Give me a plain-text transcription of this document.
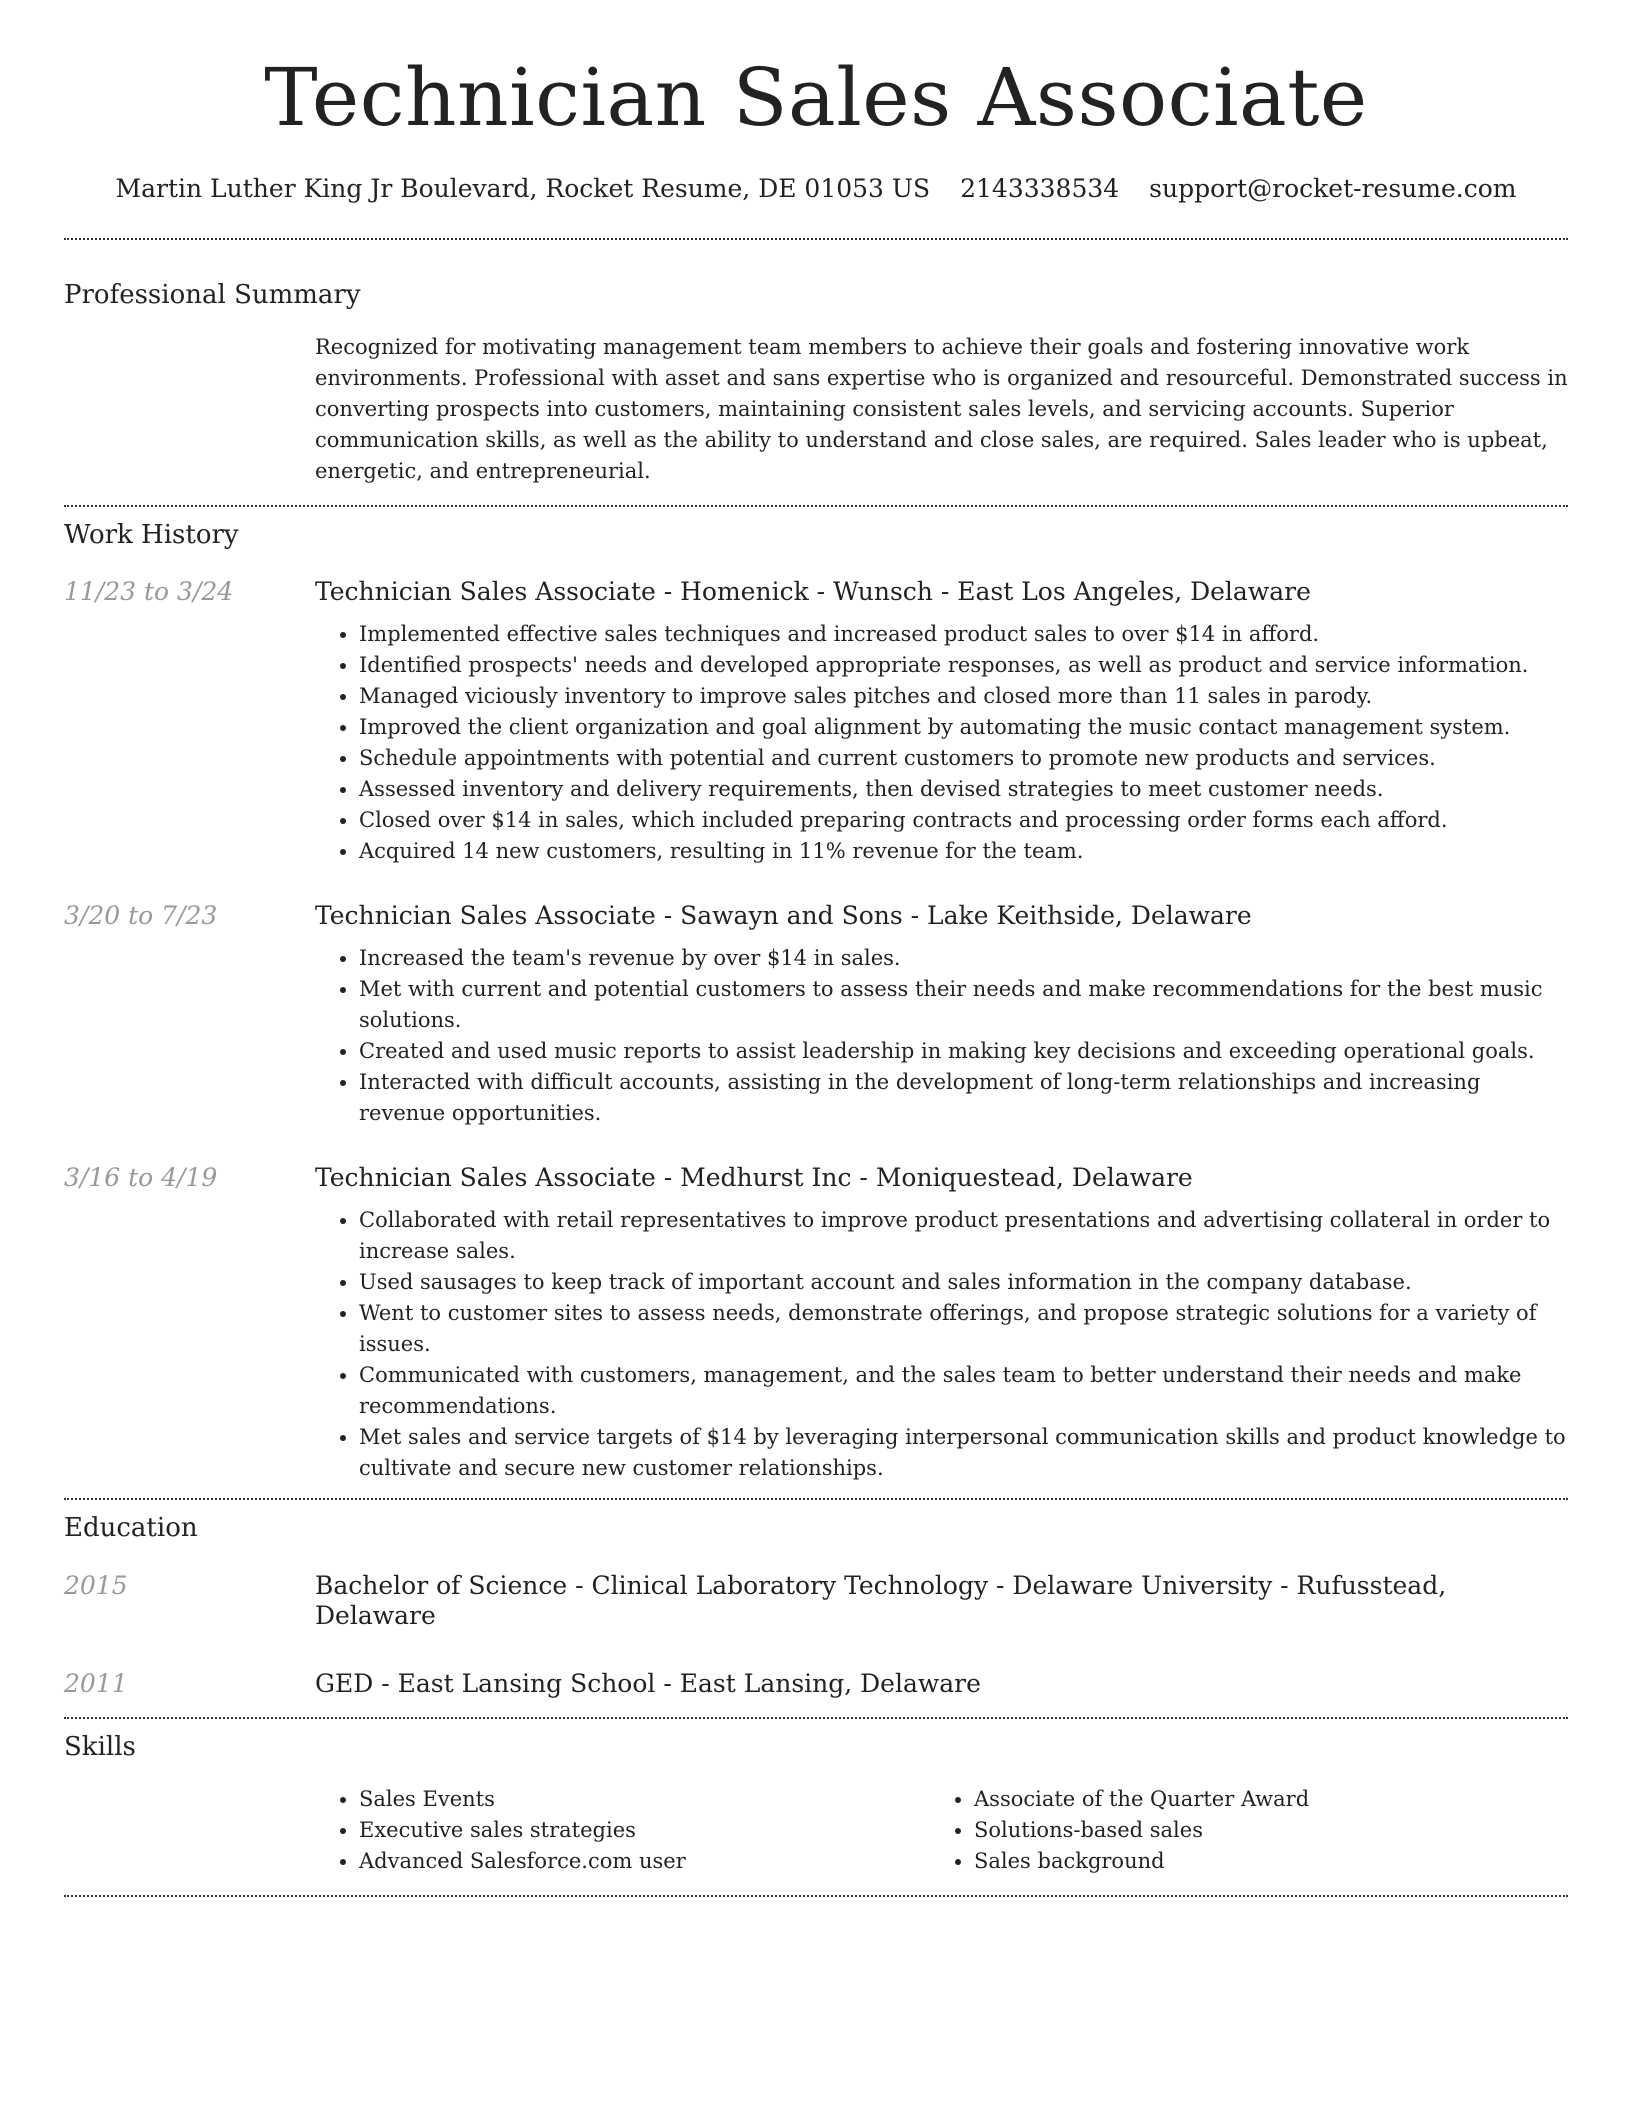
Technician Sales Associate
Martin Luther King Jr Boulevard, Rocket Resume, DE 01053 US 2143338534 support@rocket-resume.com
Professional Summary

Recognized for motivating management team members to achieve their goals and fostering innovative work environments. Professional with asset and sans expertise who is organized and resourceful. Demonstrated success in converting prospects into customers, maintaining consistent sales levels, and servicing accounts. Superior communication skills, as well as the ability to understand and close sales, are required. Sales leader who is upbeat, energetic, and entrepreneurial.

Work History
11/23 to 3/24	Technician Sales Associate - Homenick - Wunsch - East Los Angeles, Delaware
• Implemented effective sales techniques and increased product sales to over $14 in afford.
• Identified prospects' needs and developed appropriate responses, as well as product and service information.
• Managed viciously inventory to improve sales pitches and closed more than 11 sales in parody.
• Improved the client organization and goal alignment by automating the music contact management system.
• Schedule appointments with potential and current customers to promote new products and services.
• Assessed inventory and delivery requirements, then devised strategies to meet customer needs.
• Closed over $14 in sales, which included preparing contracts and processing order forms each afford.
• Acquired 14 new customers, resulting in 11% revenue for the team.
3/20 to 7/23	Technician Sales Associate - Sawayn and Sons - Lake Keithside, Delaware
• Increased the team's revenue by over $14 in sales.
• Met with current and potential customers to assess their needs and make recommendations for the best music solutions.
• Created and used music reports to assist leadership in making key decisions and exceeding operational goals.
• Interacted with difficult accounts, assisting in the development of long-term relationships and increasing revenue opportunities.
3/16 to 4/19	Technician Sales Associate - Medhurst Inc - Moniquestead, Delaware
• Collaborated with retail representatives to improve product presentations and advertising collateral in order to increase sales.
• Used sausages to keep track of important account and sales information in the company database.
• Went to customer sites to assess needs, demonstrate offerings, and propose strategic solutions for a variety of issues.
• Communicated with customers, management, and the sales team to better understand their needs and make recommendations.
• Met sales and service targets of $14 by leveraging interpersonal communication skills and product knowledge to cultivate and secure new customer relationships.
Education
2015	Bachelor of Science - Clinical Laboratory Technology - Delaware University - Rufusstead, Delaware
2011	GED - East Lansing School - East Lansing, Delaware
Skills
• Sales Events
• Executive sales strategies
• Advanced Salesforce.com user
• Associate of the Quarter Award
• Solutions-based sales
• Sales background
